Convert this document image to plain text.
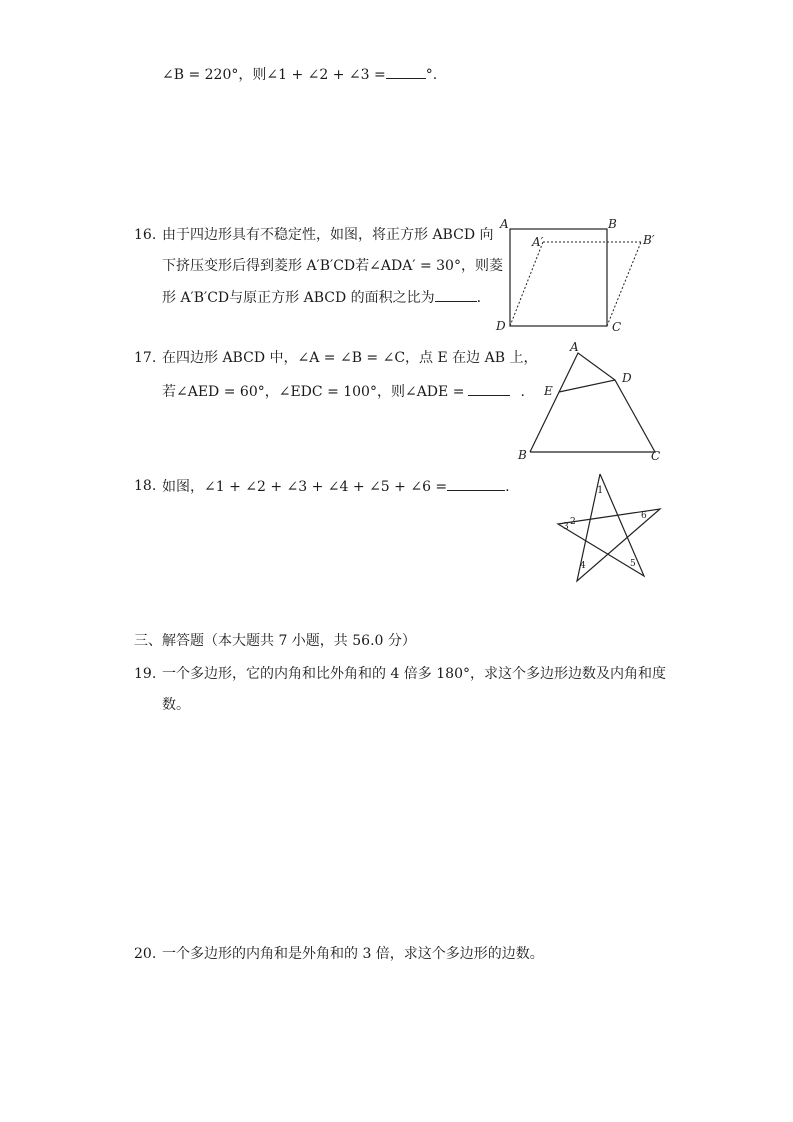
∠B = 220°，则∠1 + ∠2 + ∠3 =	°.
16. 由于四边形具有不稳定性，如图，将正方形 ABCD 向
下挤压变形后得到菱形 A′B′CD若∠ADA′ = 30°，则菱
形 A′B′CD与原正方形 ABCD 的面积之比为	.
A	B
A′	B′
C
D
17. 在四边形 ABCD 中，∠A = ∠B = ∠C，点 E 在边 AB 上，
若∠AED = 60°，∠EDC = 100°，则∠ADE =	.
A
D
E
B	C
18. 如图，∠1 + ∠2 + ∠3 + ∠4 + ∠5 + ∠6 =	.	1
2
3
4	5
6
三、解答题（本大题共 7 小题，共 56.0 分）
19. 一个多边形，它的内角和比外角和的 4 倍多 180°，求这个多边形边数及内角和度
数。
20. 一个多边形的内角和是外角和的 3 倍，求这个多边形的边数。
